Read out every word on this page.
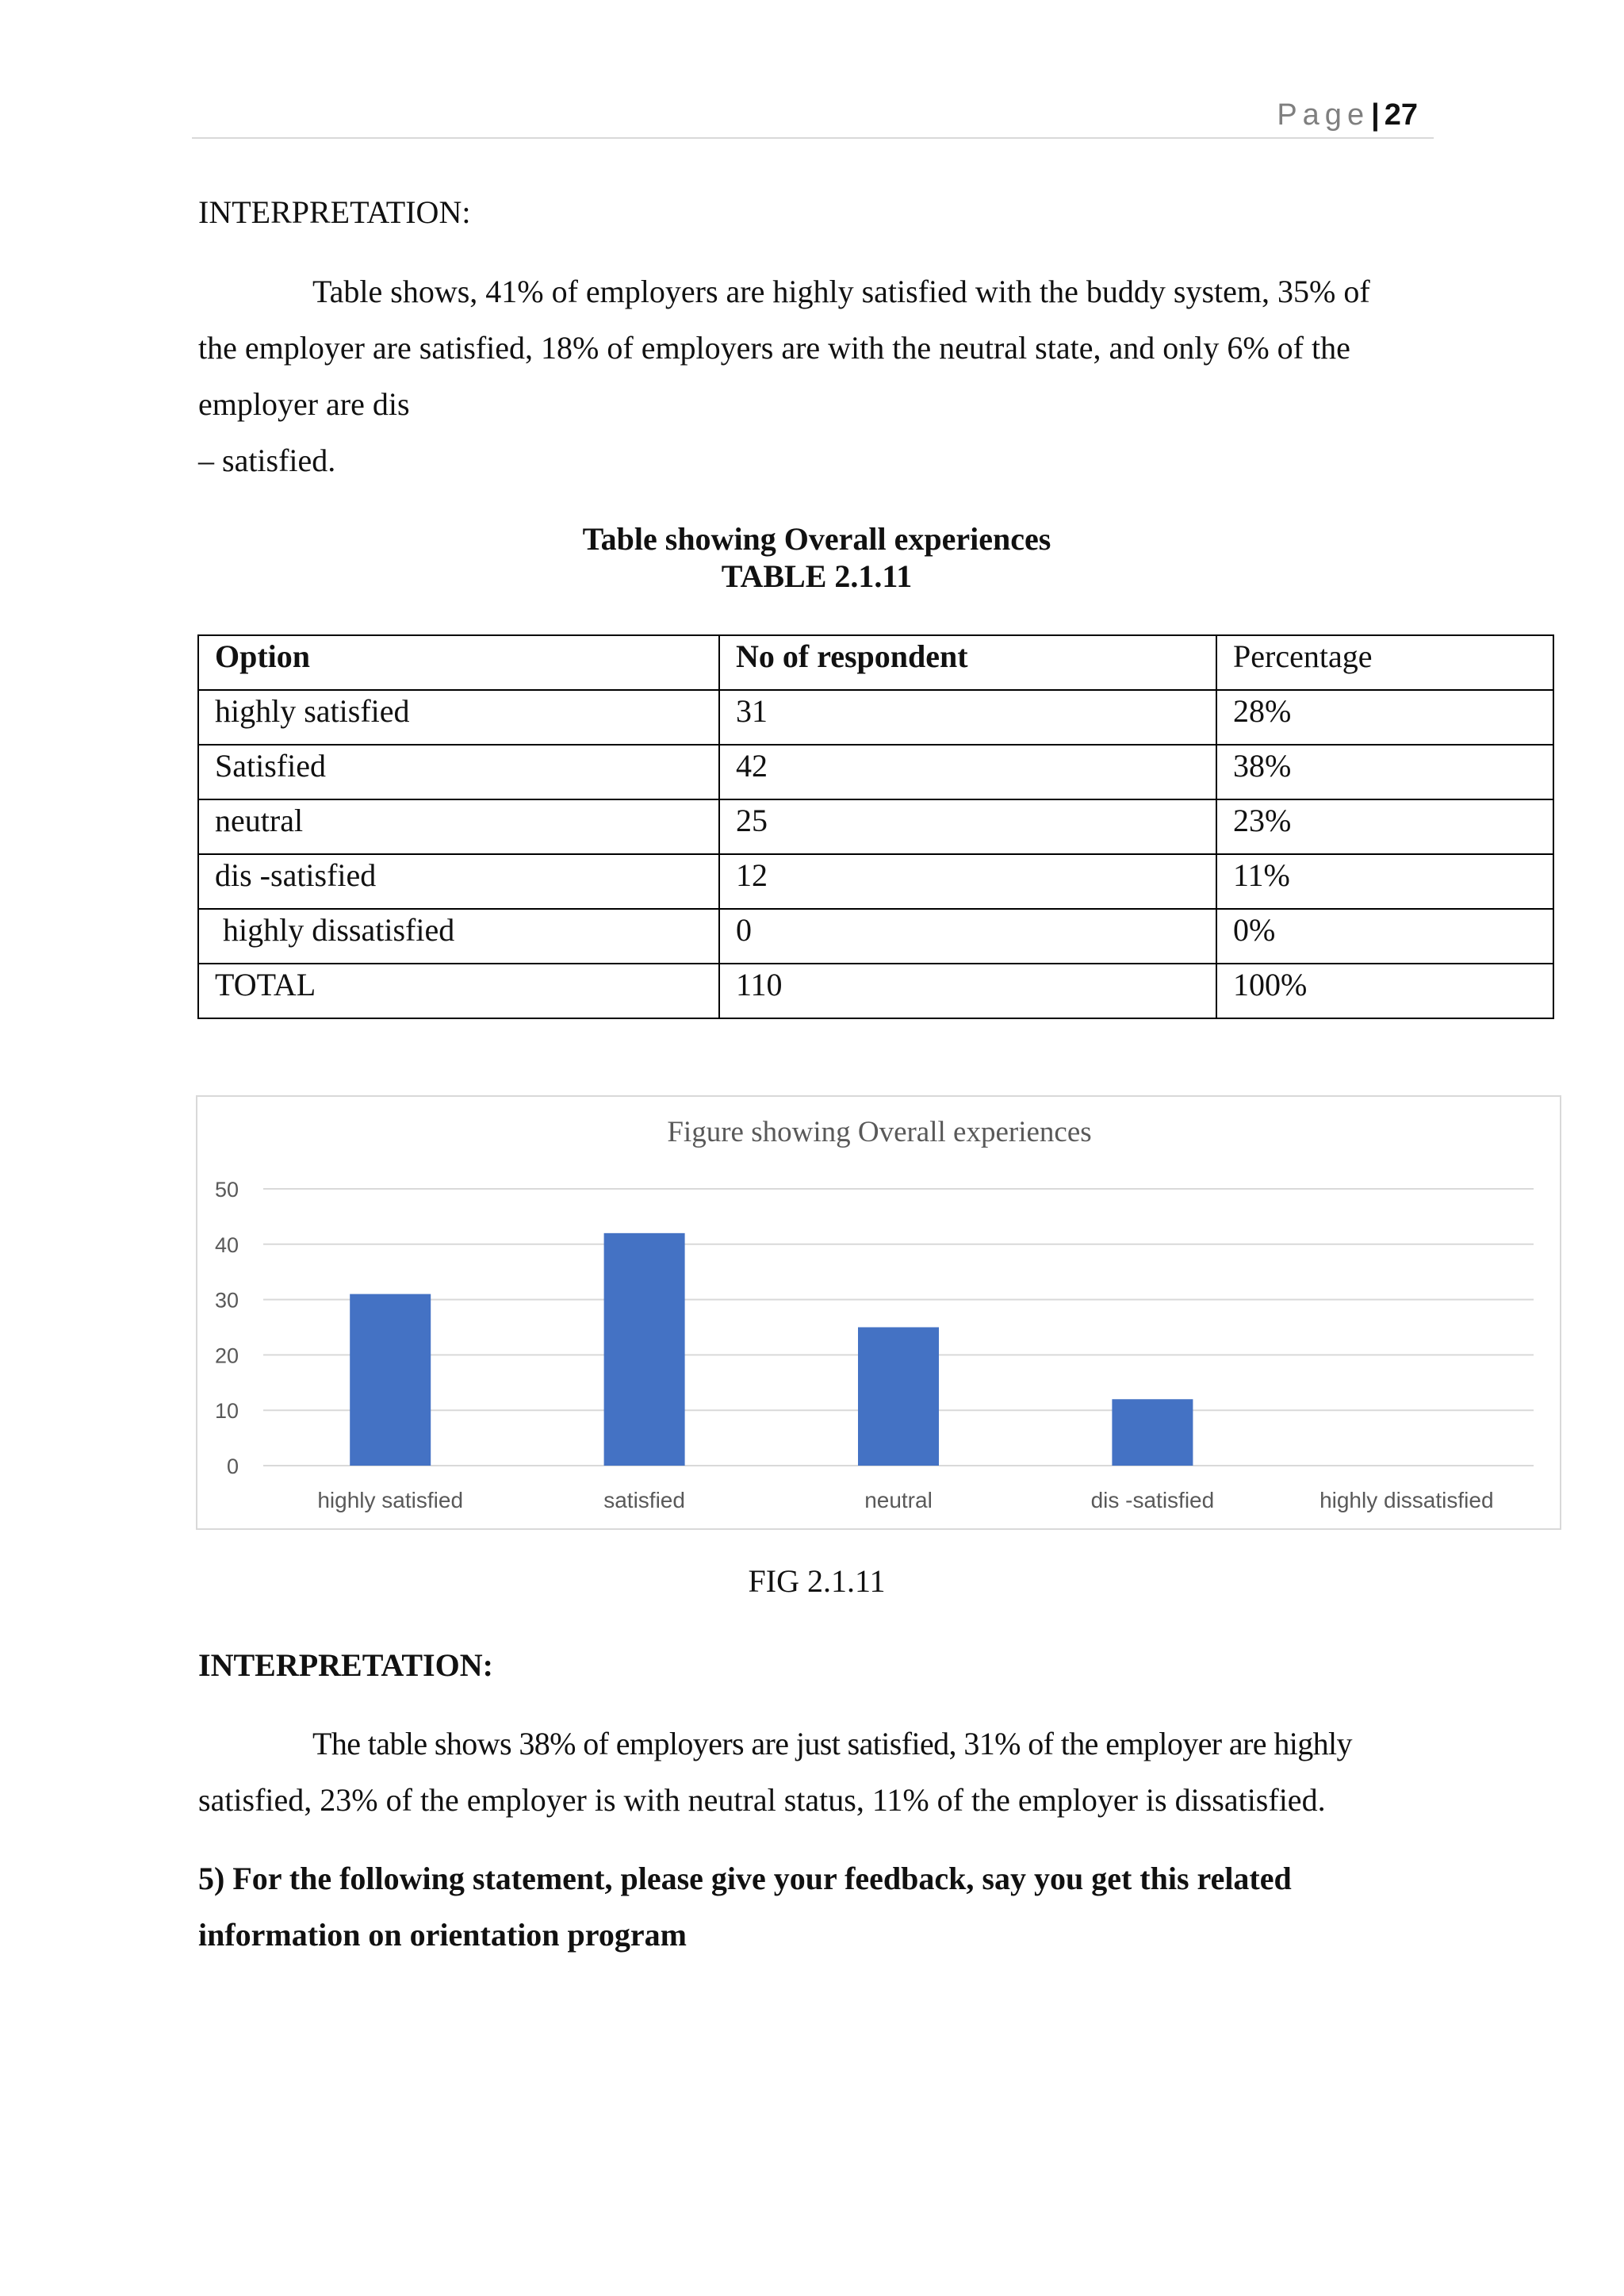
Page| 27
INTERPRETATION:
Table shows, 41% of employers are highly satisfied with the buddy system, 35% of
the employer are satisfied, 18% of employers are with the neutral state, and only 6% of the
employer are dis
– satisfied.
Table showing Overall experiences
TABLE 2.1.11
Option	No of respondent	Percentage
highly satisfied	31	28%
Satisfied	42	38%
neutral	25	23%
dis -satisfied	12	11%
highly dissatisfied	0	0%
TOTAL	110	100%
Figure showing Overall experiences
0
10
20
30
40
50
highly satisfied	satisfied	neutral	dis -satisfied	highly dissatisfied
FIG 2.1.11
INTERPRETATION:
The table shows 38% of employers are just satisfied, 31% of the employer are highly
satisfied, 23% of the employer is with neutral status, 11% of the employer is dissatisfied.
5) For the following statement, please give your feedback, say you get this related
information on orientation program
